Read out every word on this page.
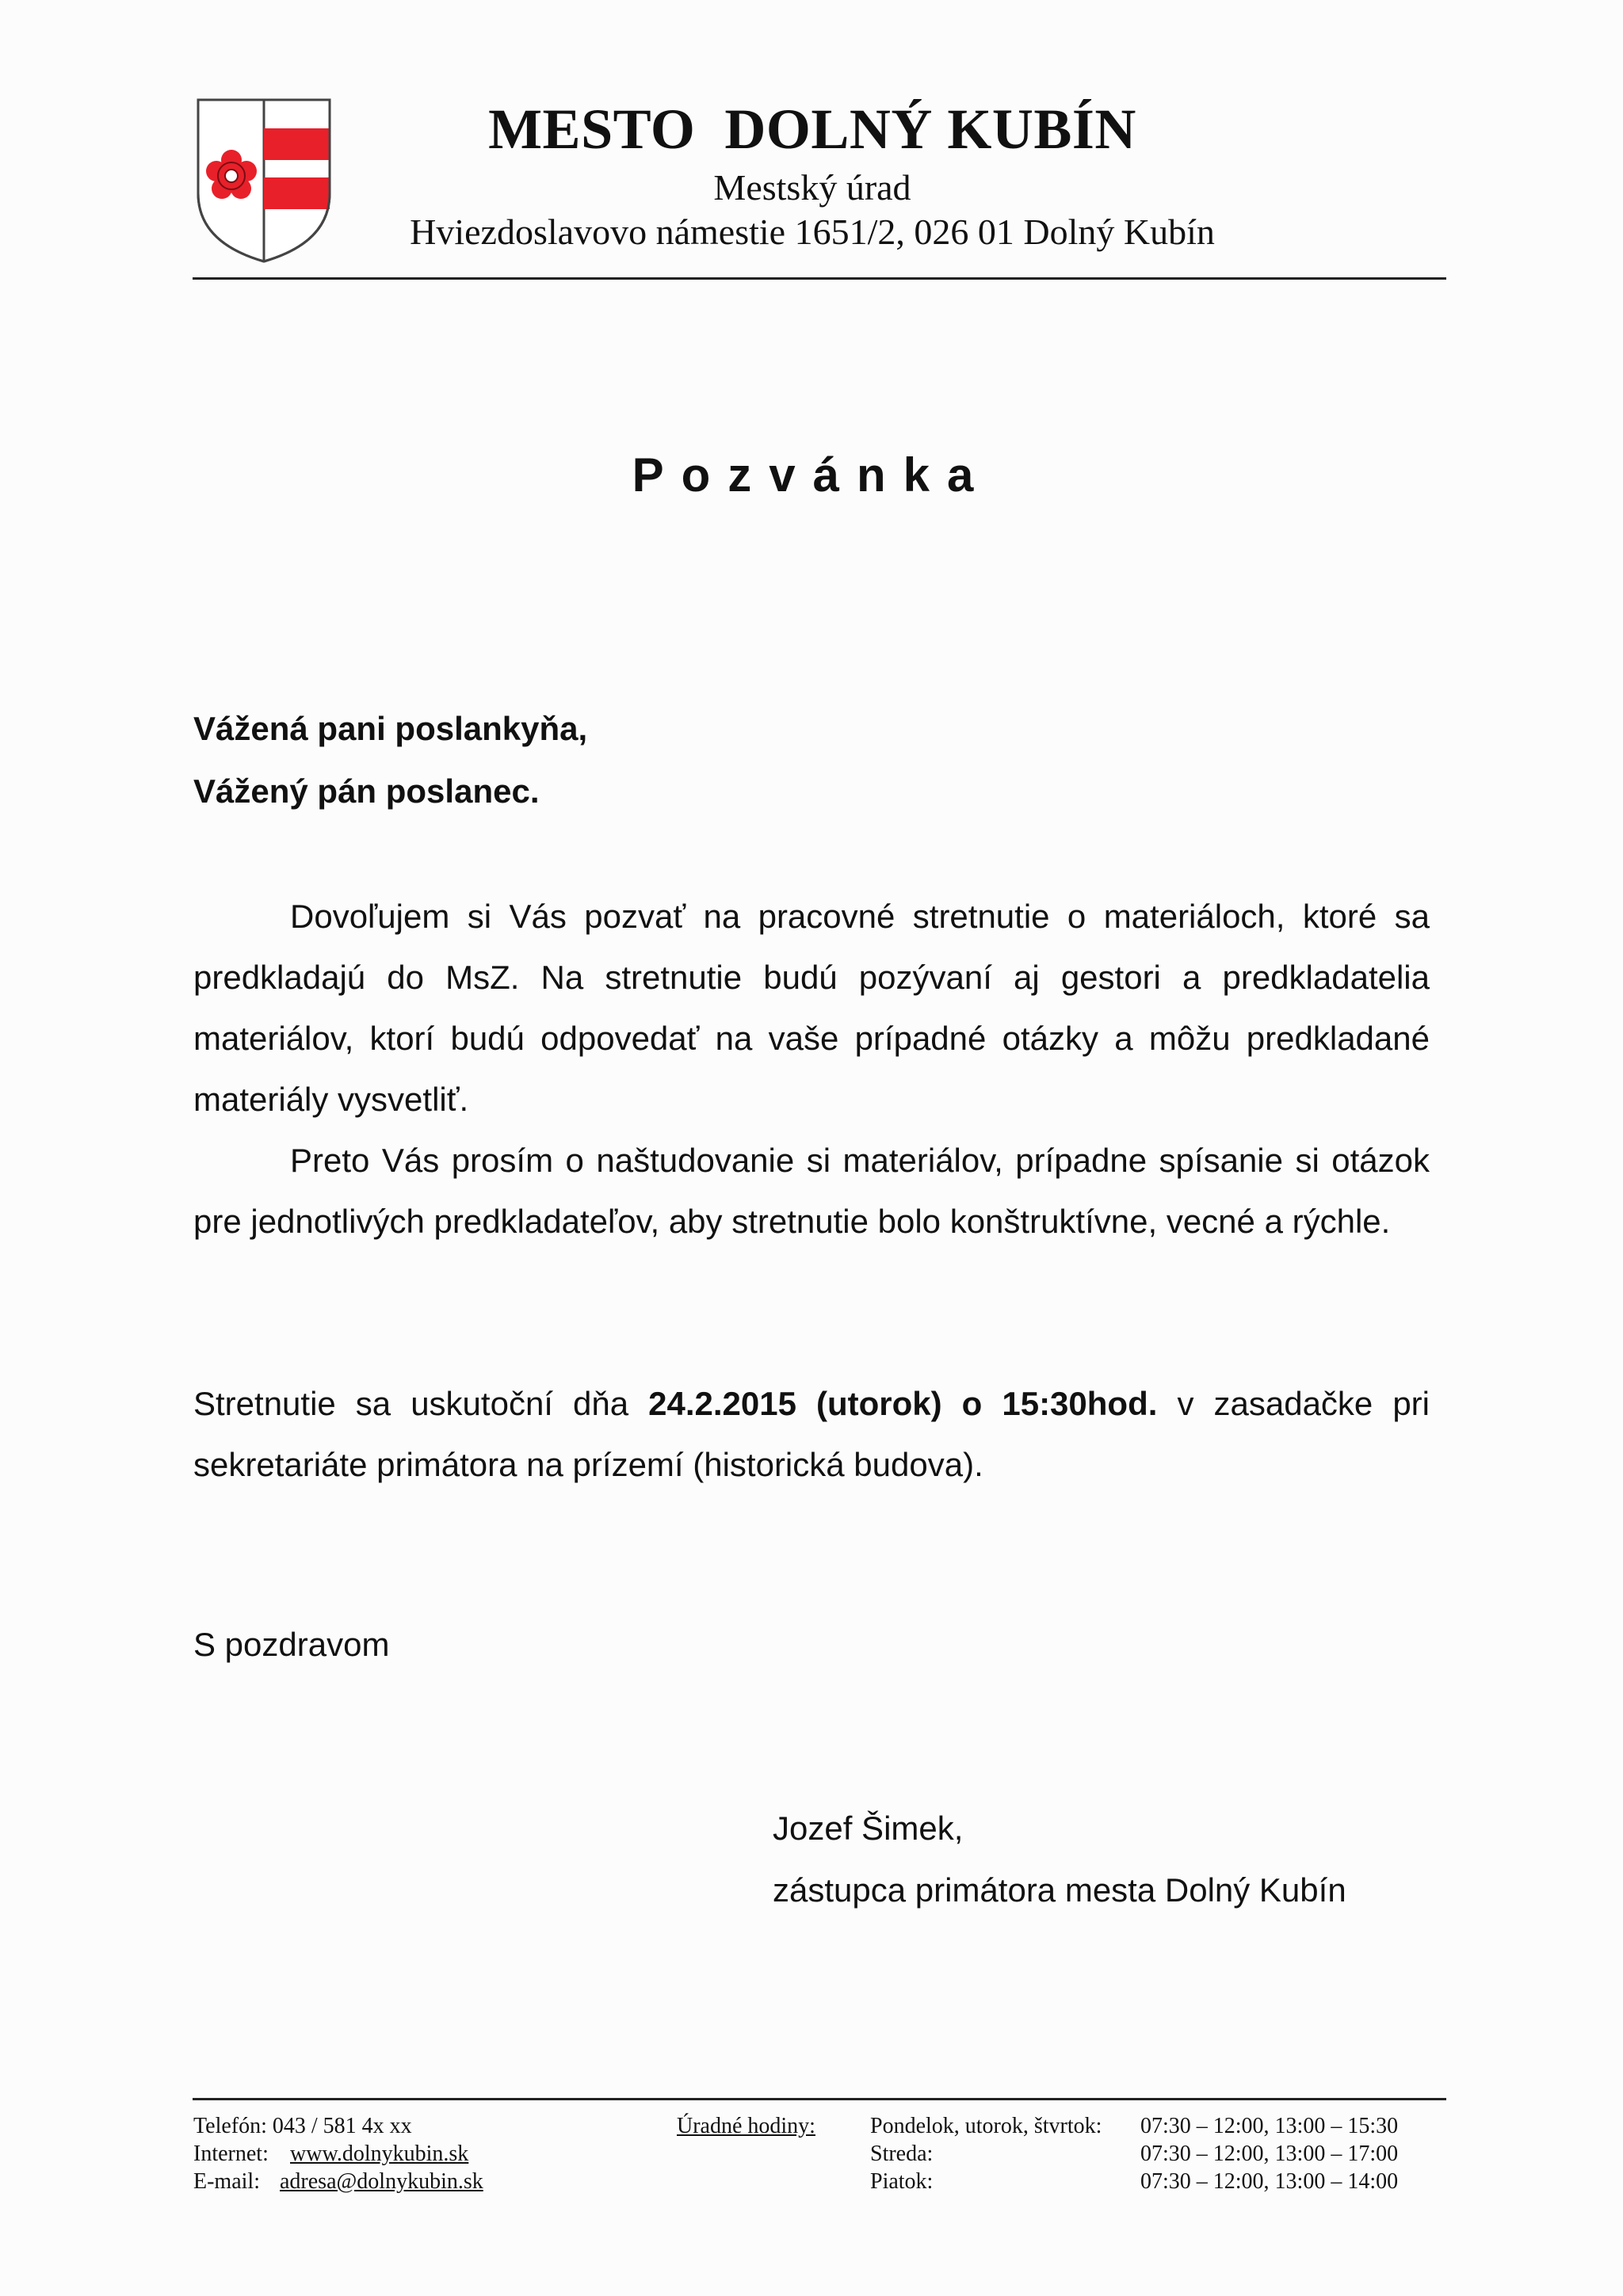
MESTO  DOLNÝ KUBÍN
Mestský úrad
Hviezdoslavovo námestie 1651/2, 026 01 Dolný Kubín
Pozvánka
Vážená pani poslankyňa,
Vážený pán poslanec.
Dovoľujem si Vás pozvať na pracovné stretnutie o materiáloch, ktoré sa predkladajú do MsZ. Na stretnutie budú pozývaní aj gestori a predkladatelia materiálov, ktorí budú odpovedať na vaše prípadné otázky a môžu predkladané materiály vysvetliť.
Preto Vás prosím o naštudovanie si materiálov, prípadne spísanie si otázok pre jednotlivých predkladateľov, aby stretnutie bolo konštruktívne, vecné a rýchle.
Stretnutie sa uskutoční dňa 24.2.2015 (utorok) o 15:30hod. v zasadačke pri sekretariáte primátora na prízemí (historická budova).
S pozdravom
Jozef Šimek,
zástupca primátora mesta Dolný Kubín
Telefón: 043 / 581 4x xx
Internet: www.dolnykubin.sk
E-mail: adresa@dolnykubin.sk
Úradné hodiny: Pondelok, utorok, štvrtok: 07:30 – 12:00, 13:00 – 15:30
Streda:	07:30 – 12:00, 13:00 – 17:00
Piatok:	07:30 – 12:00, 13:00 – 14:00
